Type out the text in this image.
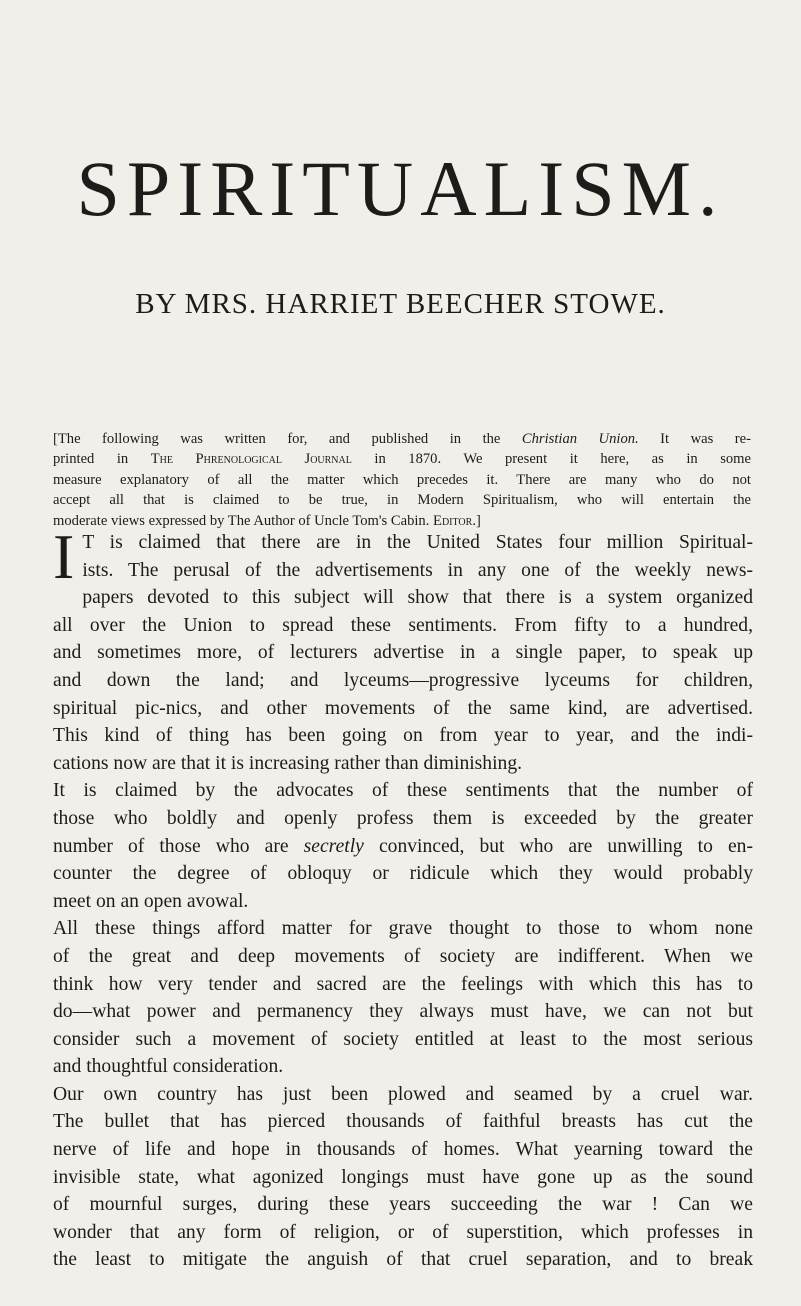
SPIRITUALISM.
BY MRS. HARRIET BEECHER STOWE.
[The following was written for, and published in the Christian Union. It was re-
printed in The Phrenological Journal in 1870. We present it here, as in some
measure explanatory of all the matter which precedes it. There are many who do not
accept all that is claimed to be true, in Modern Spiritualism, who will entertain the
moderate views expressed by The Author of Uncle Tom's Cabin. Editor.]
I T is claimed that there are in the United States four million Spiritual-
ists. The perusal of the advertisements in any one of the weekly news-
papers devoted to this subject will show that there is a system organized
all over the Union to spread these sentiments. From fifty to a hundred,
and sometimes more, of lecturers advertise in a single paper, to speak up
and down the land; and lyceums—progressive lyceums for children,
spiritual pic-nics, and other movements of the same kind, are advertised.
This kind of thing has been going on from year to year, and the indi-
cations now are that it is increasing rather than diminishing.
It is claimed by the advocates of these sentiments that the number of
those who boldly and openly profess them is exceeded by the greater
number of those who are secretly convinced, but who are unwilling to en-
counter the degree of obloquy or ridicule which they would probably
meet on an open avowal.
All these things afford matter for grave thought to those to whom none
of the great and deep movements of society are indifferent. When we
think how very tender and sacred are the feelings with which this has to
do—what power and permanency they always must have, we can not but
consider such a movement of society entitled at least to the most serious
and thoughtful consideration.
Our own country has just been plowed and seamed by a cruel war.
The bullet that has pierced thousands of faithful breasts has cut the
nerve of life and hope in thousands of homes. What yearning toward the
invisible state, what agonized longings must have gone up as the sound
of mournful surges, during these years succeeding the war ! Can we
wonder that any form of religion, or of superstition, which professes in
the least to mitigate the anguish of that cruel separation, and to break
